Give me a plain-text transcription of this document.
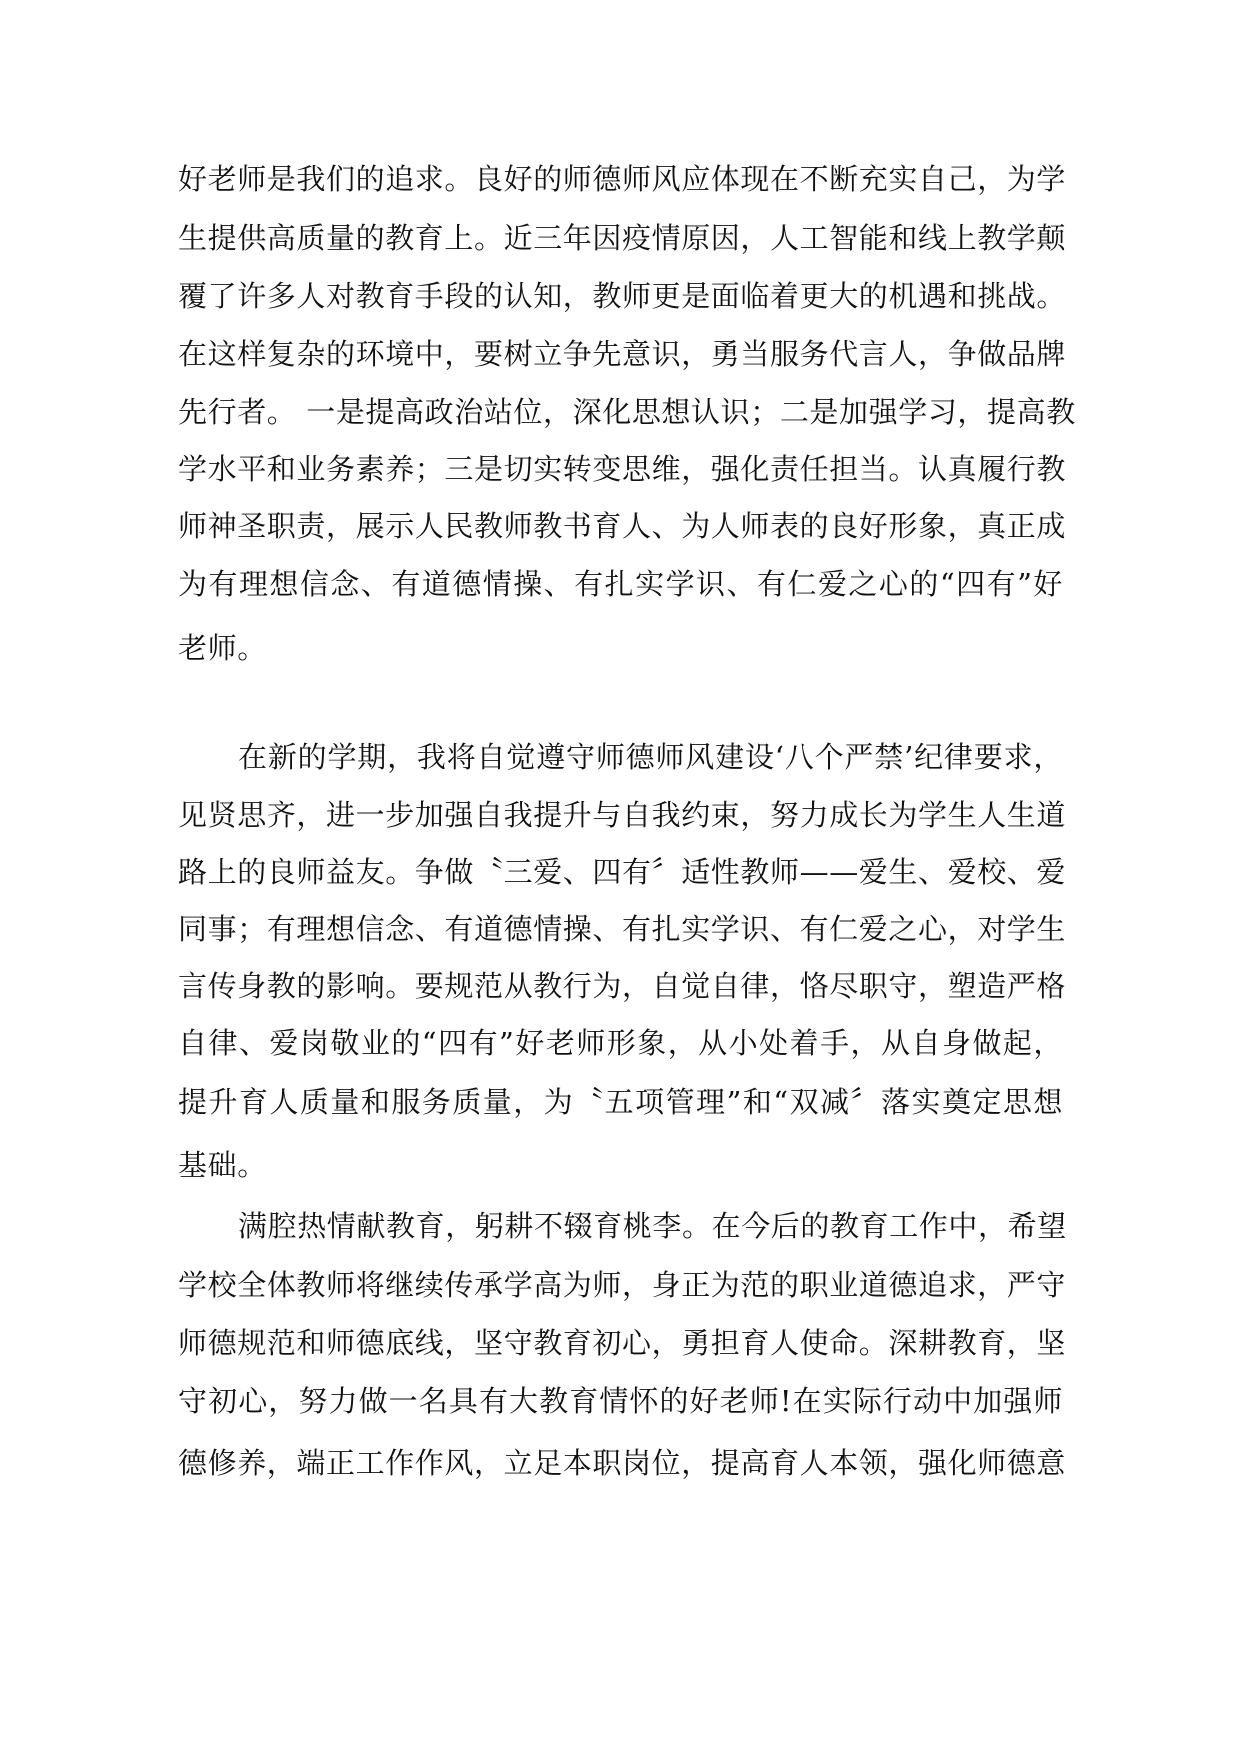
好老师是我们的追求。良好的师德师风应体现在不断充实自己，为学
生提供高质量的教育上。近三年因疫情原因，人工智能和线上教学颠
覆了许多人对教育手段的认知，教师更是面临着更大的机遇和挑战。
在这样复杂的环境中，要树立争先意识，勇当服务代言人，争做品牌
先行者。 一是提高政治站位，深化思想认识；二是加强学习，提高教
学水平和业务素养；三是切实转变思维，强化责任担当。认真履行教
师神圣职责，展示人民教师教书育人、为人师表的良好形象，真正成
为有理想信念、有道德情操、有扎实学识、有仁爱之心的“四有”好
老师。
在新的学期，我将自觉遵守师德师风建设‘八个严禁’纪律要求，
见贤思齐，进一步加强自我提升与自我约束，努力成长为学生人生道
路上的良师益友。争做〝三爱、四有〞适性教师——爱生、爱校、爱
同事；有理想信念、有道德情操、有扎实学识、有仁爱之心，对学生
言传身教的影响。要规范从教行为，自觉自律，恪尽职守，塑造严格
自律、爱岗敬业的“四有”好老师形象，从小处着手，从自身做起，
提升育人质量和服务质量，为〝五项管理”和“双减〞落实奠定思想
基础。
满腔热情献教育，躬耕不辍育桃李。在今后的教育工作中，希望
学校全体教师将继续传承学高为师，身正为范的职业道德追求，严守
师德规范和师德底线，坚守教育初心，勇担育人使命。深耕教育，坚
守初心，努力做一名具有大教育情怀的好老师!在实际行动中加强师
德修养，端正工作作风，立足本职岗位，提高育人本领，强化师德意
